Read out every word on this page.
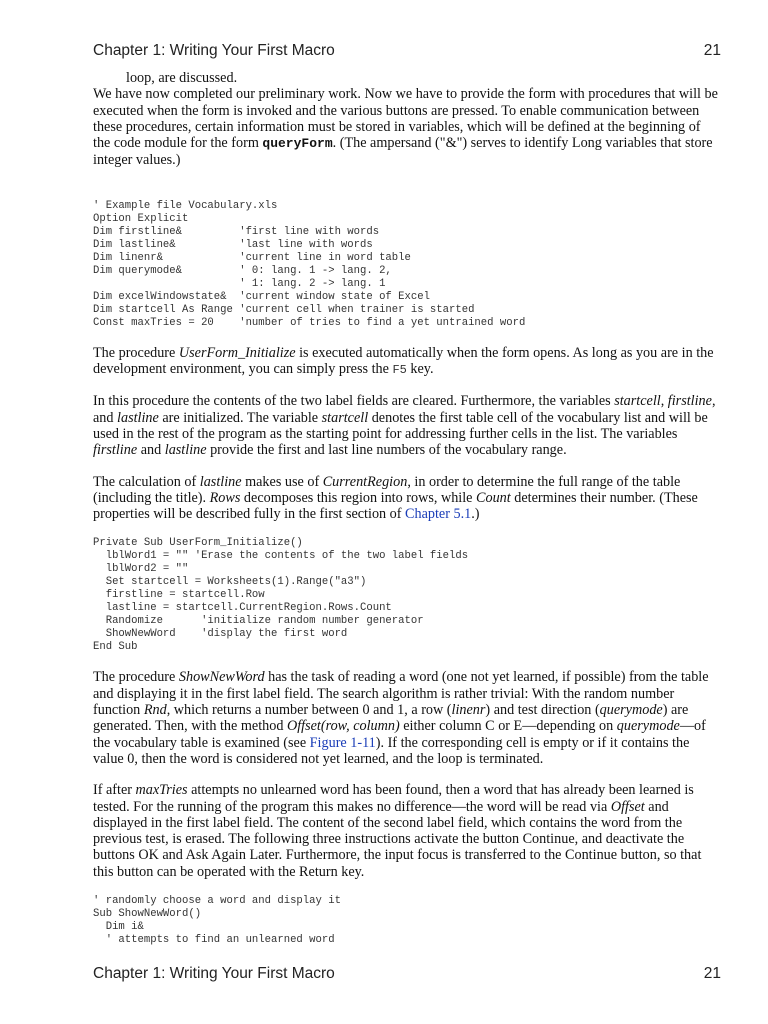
Chapter 1: Writing Your First Macro	21

loop, are discussed.

We have now completed our preliminary work. Now we have to provide the form with procedures that will be executed when the form is invoked and the various buttons are pressed. To enable communication between these procedures, certain information must be stored in variables, which will be defined at the beginning of the code module for the form queryForm. (The ampersand ("&") serves to identify Long variables that store integer values.)

' Example file Vocabulary.xls
Option Explicit
Dim firstline&         'first line with words
Dim lastline&          'last line with words
Dim linenr&            'current line in word table
Dim querymode&         ' 0: lang. 1 -> lang. 2,
' 1: lang. 2 -> lang. 1
Dim excelWindowstate&  'current window state of Excel
Dim startcell As Range 'current cell when trainer is started
Const maxTries = 20    'number of tries to find a yet untrained word

The procedure UserForm_Initialize is executed automatically when the form opens. As long as you are in the development environment, you can simply press the F5 key.

In this procedure the contents of the two label fields are cleared. Furthermore, the variables startcell, firstline, and lastline are initialized. The variable startcell denotes the first table cell of the vocabulary list and will be used in the rest of the program as the starting point for addressing further cells in the list. The variables firstline and lastline provide the first and last line numbers of the vocabulary range.

The calculation of lastline makes use of CurrentRegion, in order to determine the full range of the table (including the title). Rows decomposes this region into rows, while Count determines their number. (These properties will be described fully in the first section of Chapter 5.1.)

Private Sub UserForm_Initialize()
lblWord1 = "" 'Erase the contents of the two label fields
lblWord2 = ""
Set startcell = Worksheets(1).Range("a3")
firstline = startcell.Row
lastline = startcell.CurrentRegion.Rows.Count
Randomize      'initialize random number generator
ShowNewWord    'display the first word
End Sub

The procedure ShowNewWord has the task of reading a word (one not yet learned, if possible) from the table and displaying it in the first label field. The search algorithm is rather trivial: With the random number function Rnd, which returns a number between 0 and 1, a row (linenr) and test direction (querymode) are generated. Then, with the method Offset(row, column) either column C or E—depending on querymode—of the vocabulary table is examined (see Figure 1-11). If the corresponding cell is empty or if it contains the value 0, then the word is considered not yet learned, and the loop is terminated.

If after maxTries attempts no unlearned word has been found, then a word that has already been learned is tested. For the running of the program this makes no difference—the word will be read via Offset and displayed in the first label field. The content of the second label field, which contains the word from the previous test, is erased. The following three instructions activate the button Continue, and deactivate the buttons OK and Ask Again Later. Furthermore, the input focus is transferred to the Continue button, so that this button can be operated with the Return key.

' randomly choose a word and display it
Sub ShowNewWord()
Dim i&
' attempts to find an unlearned word
Chapter 1: Writing Your First Macro	21
